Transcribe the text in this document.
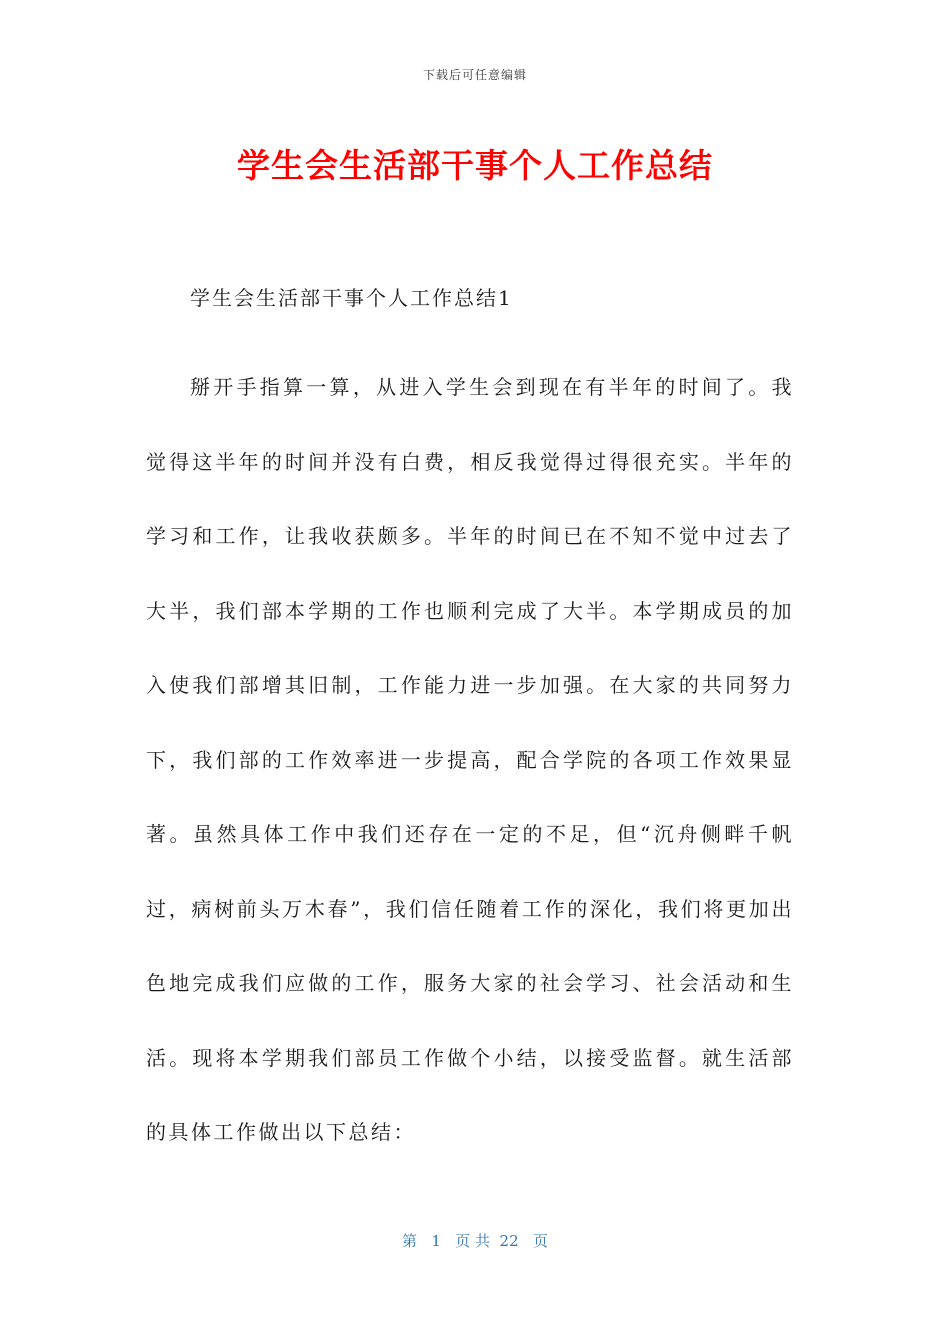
下载后可任意编辑
学生会生活部干事个人工作总结
学生会生活部干事个人工作总结1

掰开手指算一算，从进入学生会到现在有半年的时间了。我觉得这半年的时间并没有白费，相反我觉得过得很充实。半年的学习和工作，让我收获颇多。半年的时间已在不知不觉中过去了大半，我们部本学期的工作也顺利完成了大半。本学期成员的加入使我们部增其旧制，工作能力进一步加强。在大家的共同努力下，我们部的工作效率进一步提高，配合学院的各项工作效果显著。虽然具体工作中我们还存在一定的不足，但“沉舟侧畔千帆过，病树前头万木春”，我们信任随着工作的深化，我们将更加出色地完成我们应做的工作，服务大家的社会学习、社会活动和生活。现将本学期我们部员工作做个小结，以接受监督。就生活部的具体工作做出以下总结：

第 1 页 共 22 页
